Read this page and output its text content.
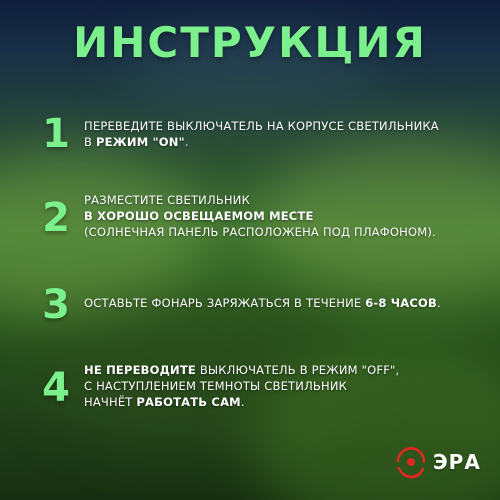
ИНСТРУКЦИЯ
1	ПЕРЕВЕДИТЕ ВЫКЛЮЧАТЕЛЬ НА КОРПУСЕ СВЕТИЛЬНИКА
В РЕЖИМ "ON".
2	РАЗМЕСТИТЕ СВЕТИЛЬНИК
В ХОРОШО ОСВЕЩАЕМОМ МЕСТЕ
(СОЛНЕЧНАЯ ПАНЕЛЬ РАСПОЛОЖЕНА ПОД ПЛАФОНОМ).
3	ОСТАВЬТЕ ФОНАРЬ ЗАРЯЖАТЬСЯ В ТЕЧЕНИЕ 6-8 ЧАСОВ.
4	НЕ ПЕРЕВОДИТЕ ВЫКЛЮЧАТЕЛЬ В РЕЖИМ "OFF",
С НАСТУПЛЕНИЕМ ТЕМНОТЫ СВЕТИЛЬНИК
НАЧНЁТ РАБОТАТЬ САМ.
ЭРА
